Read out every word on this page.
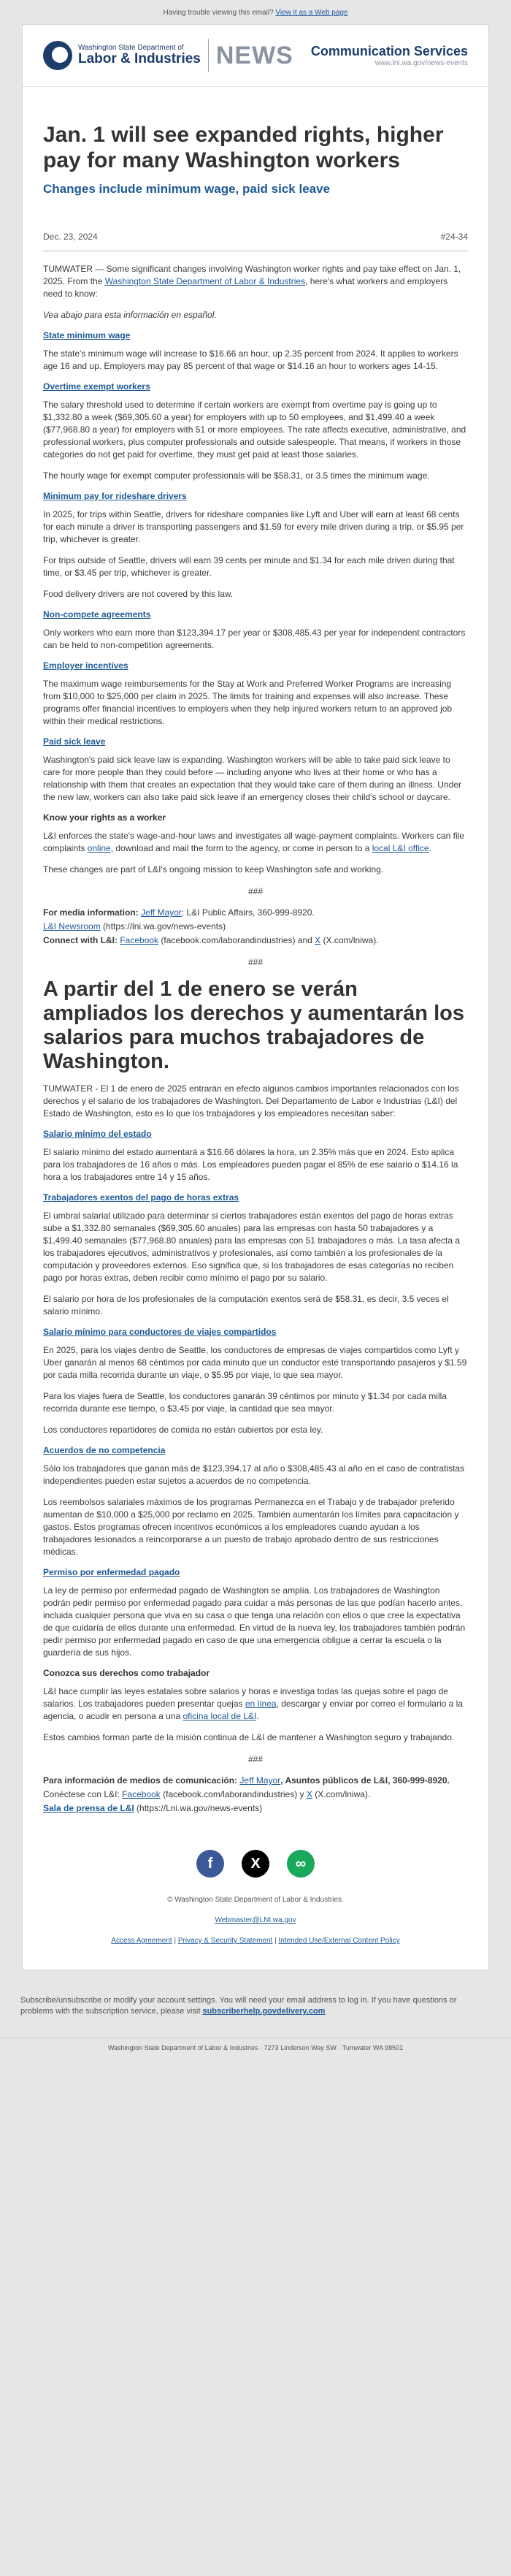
Having trouble viewing this email? View it as a Web page
Washington State Department of
Labor & Industries NEWS Communication Services
www.lni.wa.gov/news-events
Jan. 1 will see expanded rights, higher pay for many Washington workers
Changes include minimum wage, paid sick leave
Dec. 23, 2024	#24-34

TUMWATER — Some significant changes involving Washington worker rights and pay take effect on Jan. 1, 2025. From the Washington State Department of Labor & Industries, here's what workers and employers need to know:

Vea abajo para esta información en español.

State minimum wage

The state's minimum wage will increase to $16.66 an hour, up 2.35 percent from 2024. It applies to workers age 16 and up. Employers may pay 85 percent of that wage or $14.16 an hour to workers ages 14-15.

Overtime exempt workers

The salary threshold used to determine if certain workers are exempt from overtime pay is going up to $1,332.80 a week ($69,305.60 a year) for employers with up to 50 employees, and $1,499.40 a week ($77,968.80 a year) for employers with 51 or more employees. The rate affects executive, administrative, and professional workers, plus computer professionals and outside salespeople. That means, if workers in those categories do not get paid for overtime, they must get paid at least those salaries.

The hourly wage for exempt computer professionals will be $58.31, or 3.5 times the minimum wage.

Minimum pay for rideshare drivers

In 2025, for trips within Seattle, drivers for rideshare companies like Lyft and Uber will earn at least 68 cents for each minute a driver is transporting passengers and $1.59 for every mile driven during a trip, or $5.95 per trip, whichever is greater.

For trips outside of Seattle, drivers will earn 39 cents per minute and $1.34 for each mile driven during that time, or $3.45 per trip, whichever is greater.

Food delivery drivers are not covered by this law.

Non-compete agreements

Only workers who earn more than $123,394.17 per year or $308,485.43 per year for independent contractors can be held to non-competition agreements.

Employer incentives

The maximum wage reimbursements for the Stay at Work and Preferred Worker Programs are increasing from $10,000 to $25,000 per claim in 2025. The limits for training and expenses will also increase. These programs offer financial incentives to employers when they help injured workers return to an approved job within their medical restrictions.

Paid sick leave

Washington's paid sick leave law is expanding. Washington workers will be able to take paid sick leave to care for more people than they could before — including anyone who lives at their home or who has a relationship with them that creates an expectation that they would take care of them during an illness. Under the new law, workers can also take paid sick leave if an emergency closes their child's school or daycare.

Know your rights as a worker

L&I enforces the state's wage-and-hour laws and investigates all wage-payment complaints. Workers can file complaints online, download and mail the form to the agency, or come in person to a local L&I office.

These changes are part of L&I's ongoing mission to keep Washington safe and working.

###

For media information: Jeff Mayor; L&I Public Affairs, 360-999-8920.

L&I Newsroom (https://lni.wa.gov/news-events)

Connect with L&I: Facebook (facebook.com/laborandindustries) and X (X.com/lniwa).

###
A partir del 1 de enero se verán ampliados los derechos y aumentarán los salarios para muchos trabajadores de Washington.

TUMWATER - El 1 de enero de 2025 entrarán en efecto algunos cambios importantes relacionados con los derechos y el salario de los trabajadores de Washington. Del Departamento de Labor e Industrias (L&I) del Estado de Washington, esto es lo que los trabajadores y los empleadores necesitan saber:

Salario mínimo del estado

El salario mínimo del estado aumentará a $16.66 dólares la hora, un 2.35% más que en 2024. Esto aplica para los trabajadores de 16 años o más. Los empleadores pueden pagar el 85% de ese salario o $14.16 la hora a los trabajadores entre 14 y 15 años.

Trabajadores exentos del pago de horas extras

El umbral salarial utilizado para determinar si ciertos trabajadores están exentos del pago de horas extras sube a $1,332.80 semanales ($69,305.60 anuales) para las empresas con hasta 50 trabajadores y a $1,499.40 semanales ($77,968.80 anuales) para las empresas con 51 trabajadores o más. La tasa afecta a los trabajadores ejecutivos, administrativos y profesionales, así como también a los profesionales de la computación y proveedores externos. Eso significa que, si los trabajadores de esas categorías no reciben pago por horas extras, deben recibir como mínimo el pago por su salario.

El salario por hora de los profesionales de la computación exentos será de $58.31, es decir, 3.5 veces el salario mínimo.

Salario mínimo para conductores de viajes compartidos

En 2025, para los viajes dentro de Seattle, los conductores de empresas de viajes compartidos como Lyft y Uber ganarán al menos 68 céntimos por cada minuto que un conductor esté transportando pasajeros y $1.59 por cada milla recorrida durante un viaje, o $5.95 por viaje, lo que sea mayor.

Para los viajes fuera de Seattle, los conductores ganarán 39 céntimos por minuto y $1.34 por cada milla recorrida durante ese tiempo, o $3.45 por viaje, la cantidad que sea mayor.

Los conductores repartidores de comida no están cubiertos por esta ley.

Acuerdos de no competencia

Sólo los trabajadores que ganan más de $123,394.17 al año o $308,485.43 al año en el caso de contratistas independientes pueden estar sujetos a acuerdos de no competencia.

Los reembolsos salariales máximos de los programas Permanezca en el Trabajo y de trabajador preferido aumentan de $10,000 a $25,000 por reclamo en 2025. También aumentarán los límites para capacitación y gastos. Estos programas ofrecen incentivos económicos a los empleadores cuando ayudan a los trabajadores lesionados a reincorporarse a un puesto de trabajo aprobado dentro de sus restricciones médicas.

Permiso por enfermedad pagado

La ley de permiso por enfermedad pagado de Washington se amplía. Los trabajadores de Washington podrán pedir permiso por enfermedad pagado para cuidar a más personas de las que podían hacerlo antes, incluida cualquier persona que viva en su casa o que tenga una relación con ellos o que cree la expectativa de que cuidaría de ellos durante una enfermedad. En virtud de la nueva ley, los trabajadores también podrán pedir permiso por enfermedad pagado en caso de que una emergencia obligue a cerrar la escuela o la guardería de sus hijos.

Conozca sus derechos como trabajador

L&I hace cumplir las leyes estatales sobre salarios y horas e investiga todas las quejas sobre el pago de salarios. Los trabajadores pueden presentar quejas en línea, descargar y enviar por correo el formulario a la agencia, o acudir en persona a una oficina local de L&I.

Estos cambios forman parte de la misión continua de L&I de mantener a Washington seguro y trabajando.

###

Para información de medios de comunicación: Jeff Mayor, Asuntos públicos de L&I, 360-999-8920.

Conéctese con L&I: Facebook (facebook.com/laborandindustries) y X (X.com/lniwa).

Sala de prensa de L&I (https://Lni.wa.gov/news-events)

f	X	∞

© Washington State Department of Labor & Industries.

Webmaster@LNI.wa.gov

Access Agreement | Privacy & Security Statement | Intended Use/External Content Policy

Subscribe/unsubscribe or modify your account settings. You will need your email address to log in. If you have questions or problems with the subscription service, please visit subscriberhelp.govdelivery.com
Washington State Department of Labor & Industries · 7273 Linderson Way SW · Tumwater WA 98501
